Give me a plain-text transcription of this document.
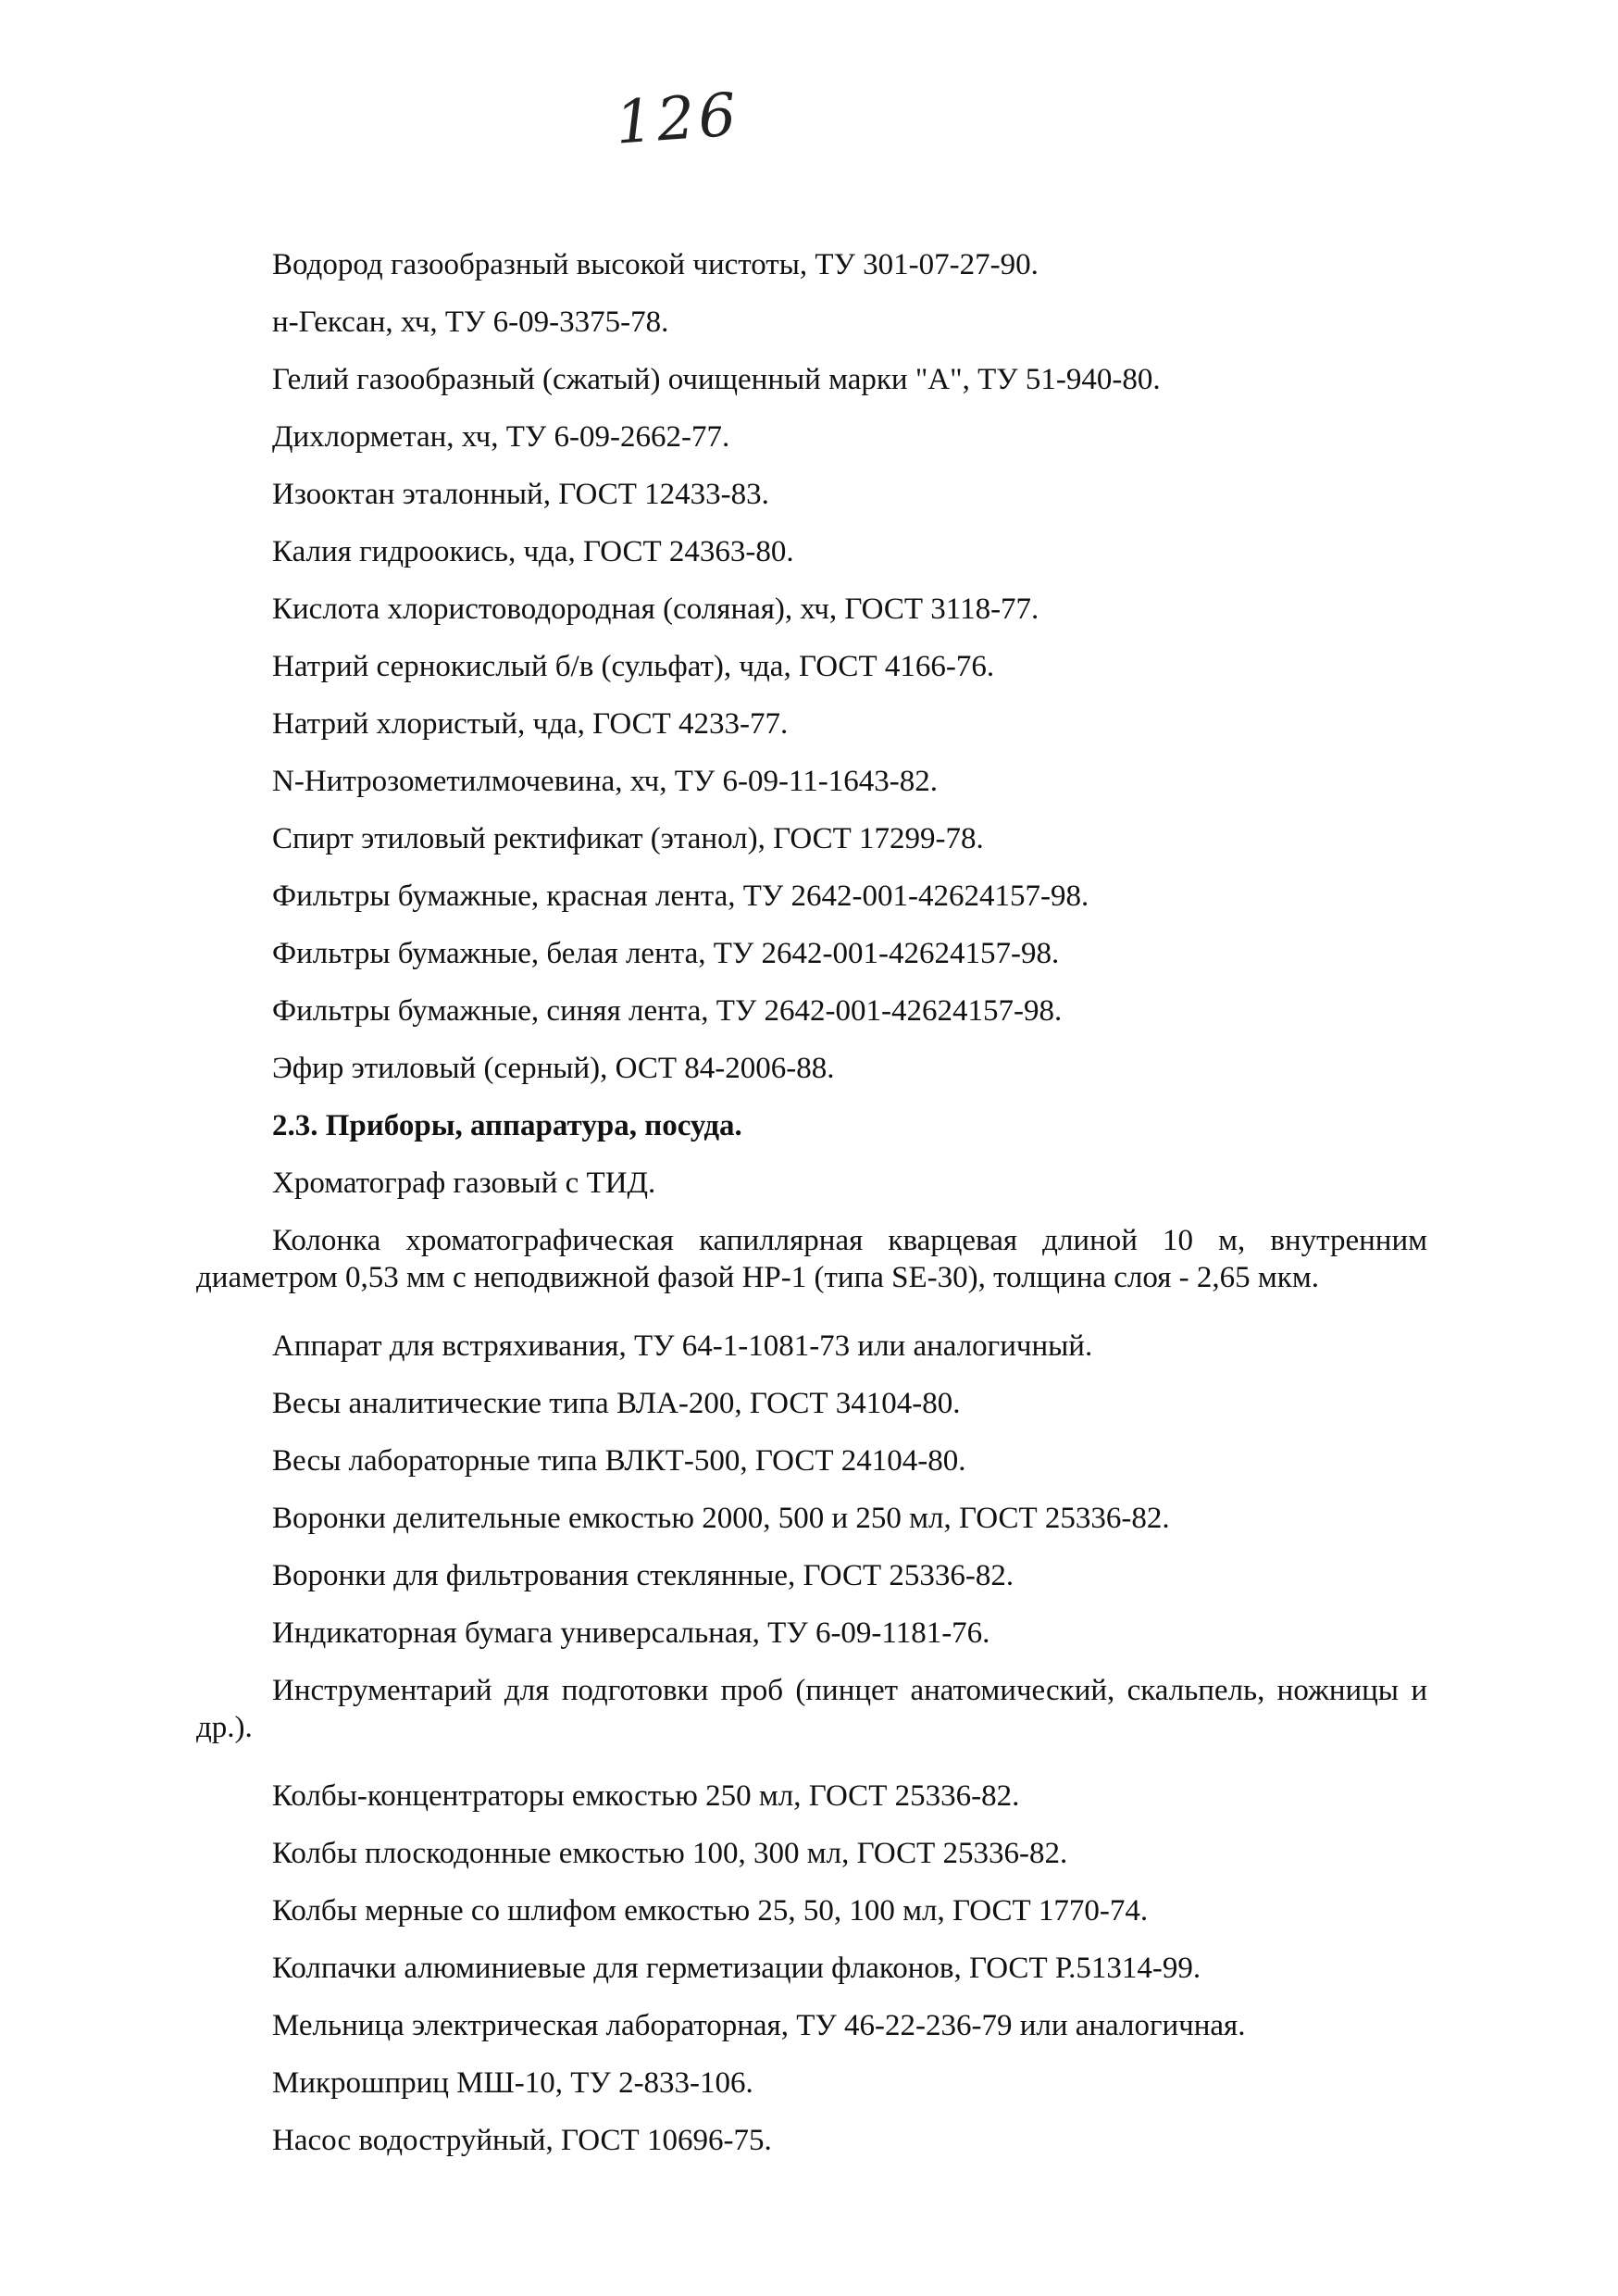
126
Водород газообразный высокой чистоты, ТУ 301-07-27-90.
н-Гексан, хч, ТУ 6-09-3375-78.
Гелий газообразный (сжатый) очищенный марки "А", ТУ 51-940-80.
Дихлорметан, хч, ТУ 6-09-2662-77.
Изооктан эталонный, ГОСТ 12433-83.
Калия гидроокись, чда, ГОСТ 24363-80.
Кислота хлористоводородная (соляная), хч, ГОСТ 3118-77.
Натрий сернокислый б/в (сульфат), чда, ГОСТ 4166-76.
Натрий хлористый, чда, ГОСТ 4233-77.
N-Нитрозометилмочевина, хч, ТУ 6-09-11-1643-82.
Спирт этиловый ректификат (этанол), ГОСТ 17299-78.
Фильтры бумажные, красная лента, ТУ 2642-001-42624157-98.
Фильтры бумажные, белая лента, ТУ 2642-001-42624157-98.
Фильтры бумажные, синяя лента, ТУ 2642-001-42624157-98.
Эфир этиловый (серный), ОСТ 84-2006-88.
2.3. Приборы, аппаратура, посуда.
Хроматограф газовый с ТИД.
Колонка хроматографическая капиллярная кварцевая длиной 10 м, внутренним диаметром 0,53 мм с неподвижной фазой HP-1 (типа SE-30), толщина слоя - 2,65 мкм.
Аппарат для встряхивания, ТУ 64-1-1081-73 или аналогичный.
Весы аналитические типа ВЛА-200, ГОСТ 34104-80.
Весы лабораторные типа ВЛКТ-500, ГОСТ 24104-80.
Воронки делительные емкостью 2000, 500 и 250 мл, ГОСТ 25336-82.
Воронки для фильтрования стеклянные, ГОСТ 25336-82.
Индикаторная бумага универсальная, ТУ 6-09-1181-76.
Инструментарий для подготовки проб (пинцет анатомический, скальпель, ножницы и др.).
Колбы-концентраторы емкостью 250 мл, ГОСТ 25336-82.
Колбы плоскодонные емкостью 100, 300 мл, ГОСТ 25336-82.
Колбы мерные со шлифом емкостью 25, 50, 100 мл, ГОСТ 1770-74.
Колпачки алюминиевые для герметизации флаконов, ГОСТ Р.51314-99.
Мельница электрическая лабораторная, ТУ 46-22-236-79 или аналогичная.
Микрошприц МШ-10, ТУ 2-833-106.
Насос водоструйный, ГОСТ 10696-75.
